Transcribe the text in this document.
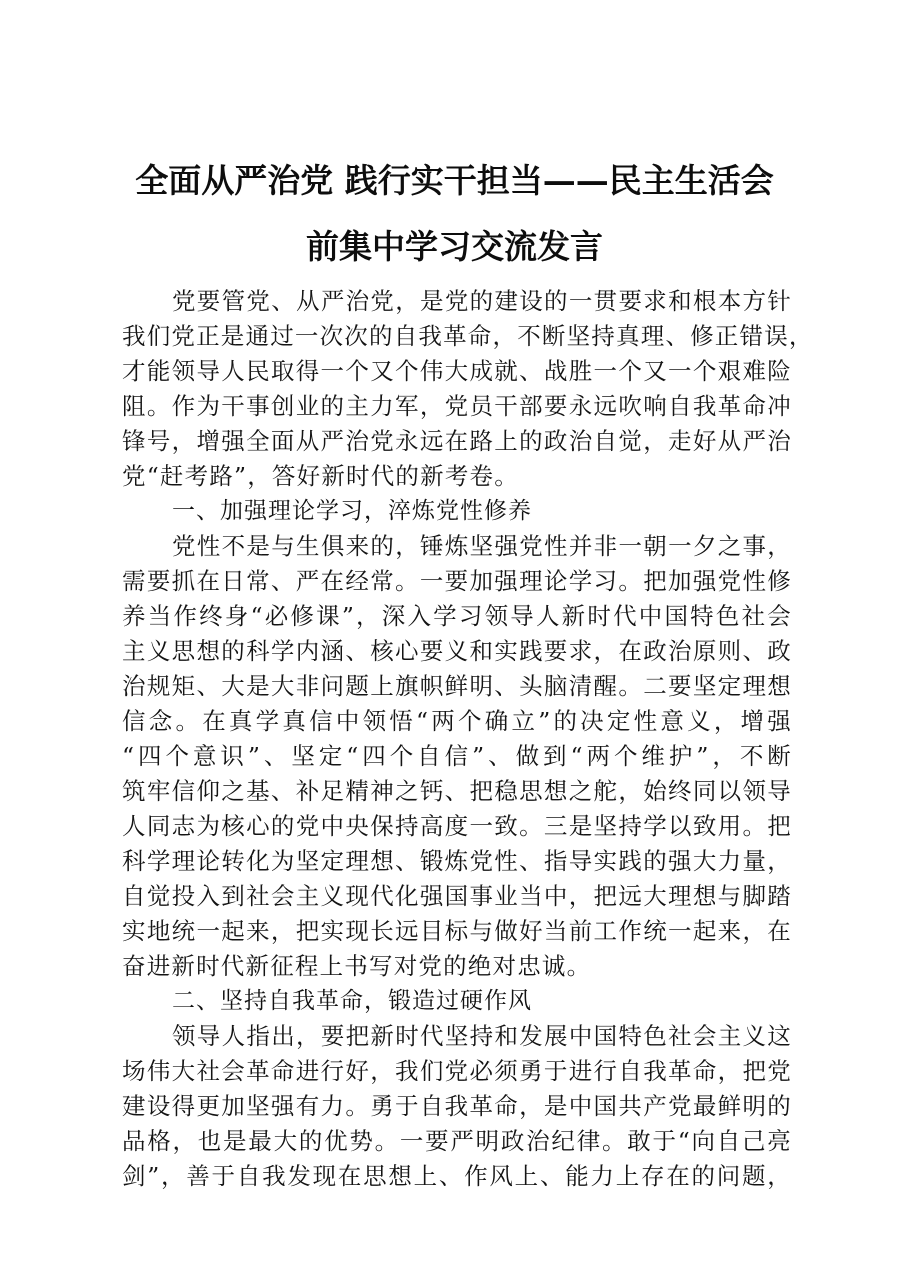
全面从严治党 践行实干担当——民主生活会
前集中学习交流发言
党要管党、从严治党，是党的建设的一贯要求和根本方针
我们党正是通过一次次的自我革命，不断坚持真理、修正错误，
才能领导人民取得一个又个伟大成就、战胜一个又一个艰难险
阻。作为干事创业的主力军，党员干部要永远吹响自我革命冲
锋号，增强全面从严治党永远在路上的政治自觉，走好从严治
党“赶考路”，答好新时代的新考卷。
一、加强理论学习，淬炼党性修养
党性不是与生俱来的，锤炼坚强党性并非一朝一夕之事，
需要抓在日常、严在经常。一要加强理论学习。把加强党性修
养当作终身“必修课”，深入学习领导人新时代中国特色社会
主义思想的科学内涵、核心要义和实践要求，在政治原则、政
治规矩、大是大非问题上旗帜鲜明、头脑清醒。二要坚定理想
信念。在真学真信中领悟“两个确立”的决定性意义，增强
“四个意识”、坚定“四个自信”、做到“两个维护”，不断
筑牢信仰之基、补足精神之钙、把稳思想之舵，始终同以领导
人同志为核心的党中央保持高度一致。三是坚持学以致用。把
科学理论转化为坚定理想、锻炼党性、指导实践的强大力量，
自觉投入到社会主义现代化强国事业当中，把远大理想与脚踏
实地统一起来，把实现长远目标与做好当前工作统一起来，在
奋进新时代新征程上书写对党的绝对忠诚。
二、坚持自我革命，锻造过硬作风
领导人指出，要把新时代坚持和发展中国特色社会主义这
场伟大社会革命进行好，我们党必须勇于进行自我革命，把党
建设得更加坚强有力。勇于自我革命，是中国共产党最鲜明的
品格，也是最大的优势。一要严明政治纪律。敢于“向自己亮
剑”，善于自我发现在思想上、作风上、能力上存在的问题，
